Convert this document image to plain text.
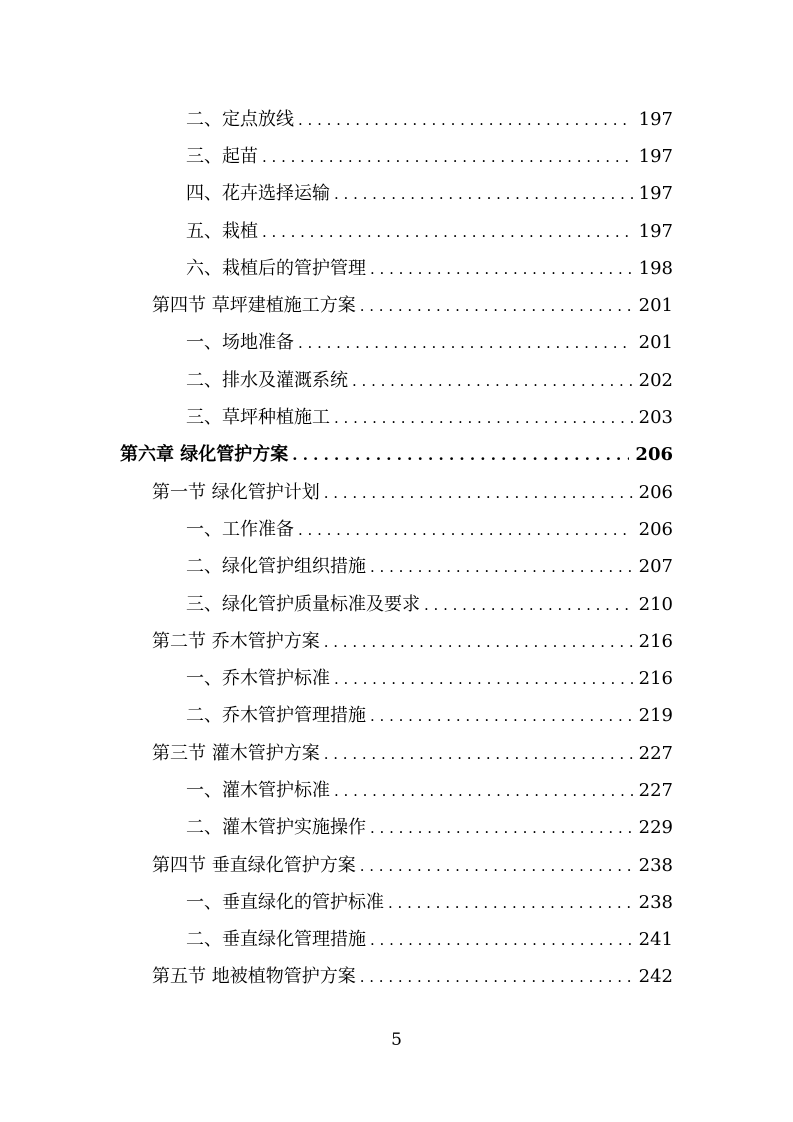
二、定点放线 . . .	197
三、起苗 . . .	197
四、花卉选择运输 . . .	197
五、栽植 . . .	197
六、栽植后的管护管理 . . .	198
第四节 草坪建植施工方案 . . .	201
一、场地准备 . . .	201
二、排水及灌溉系统 . . .	202
三、草坪种植施工 . . .	203
第六章 绿化管护方案 . . .	206
第一节 绿化管护计划 . . .	206
一、工作准备 . . .	206
二、绿化管护组织措施 . . .	207
三、绿化管护质量标准及要求 . . .	210
第二节 乔木管护方案 . . .	216
一、乔木管护标准 . . .	216
二、乔木管护管理措施 . . .	219
第三节 灌木管护方案 . . .	227
一、灌木管护标准 . . .	227
二、灌木管护实施操作 . . .	229
第四节 垂直绿化管护方案 . . .	238
一、垂直绿化的管护标准 . . .	238
二、垂直绿化管理措施 . . .	241
第五节 地被植物管护方案 . . .	242
5
